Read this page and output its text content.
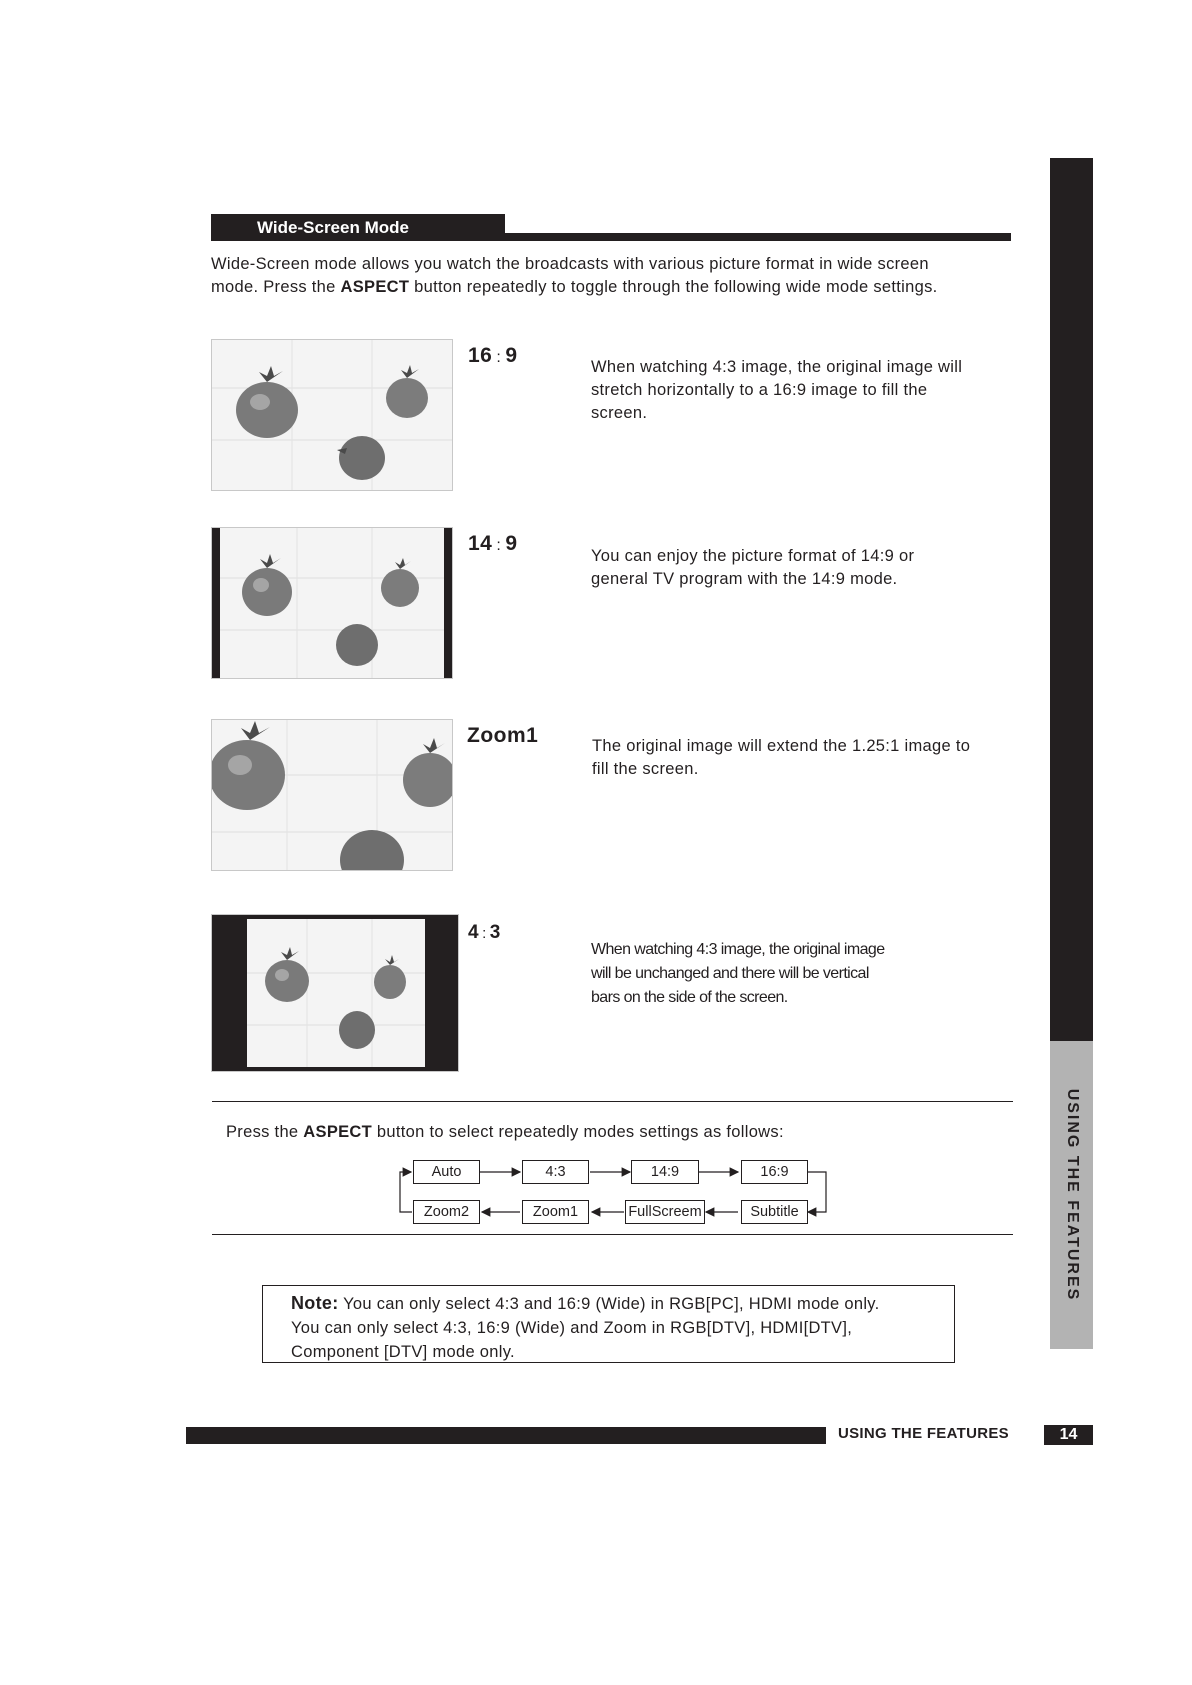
Wide-Screen Mode
Wide-Screen mode allows you watch the broadcasts with various picture format in wide screen mode. Press the ASPECT button repeatedly to toggle through the following wide mode settings.
16 : 9	When watching 4:3 image, the original image will stretch horizontally to a 16:9 image to fill the screen.
14 : 9
You can enjoy the picture format of 14:9 or general TV program with the 14:9 mode.
Zoom1	The original image will extend the 1.25:1 image to fill the screen.
4 : 3
When watching 4:3 image, the original image will be unchanged and there will be vertical bars on the side of the screen.
Press the ASPECT button to select repeatedly modes settings as follows:
Auto	4:3	14:9	16:9
Zoom2	Zoom1	FullScreem	Subtitle
Note: You can only select 4:3 and 16:9 (Wide) in RGB[PC], HDMI mode only.
You can only select 4:3, 16:9 (Wide) and Zoom in RGB[DTV], HDMI[DTV],
Component [DTV] mode only.
USING THE FEATURES
USING THE FEATURES	14
